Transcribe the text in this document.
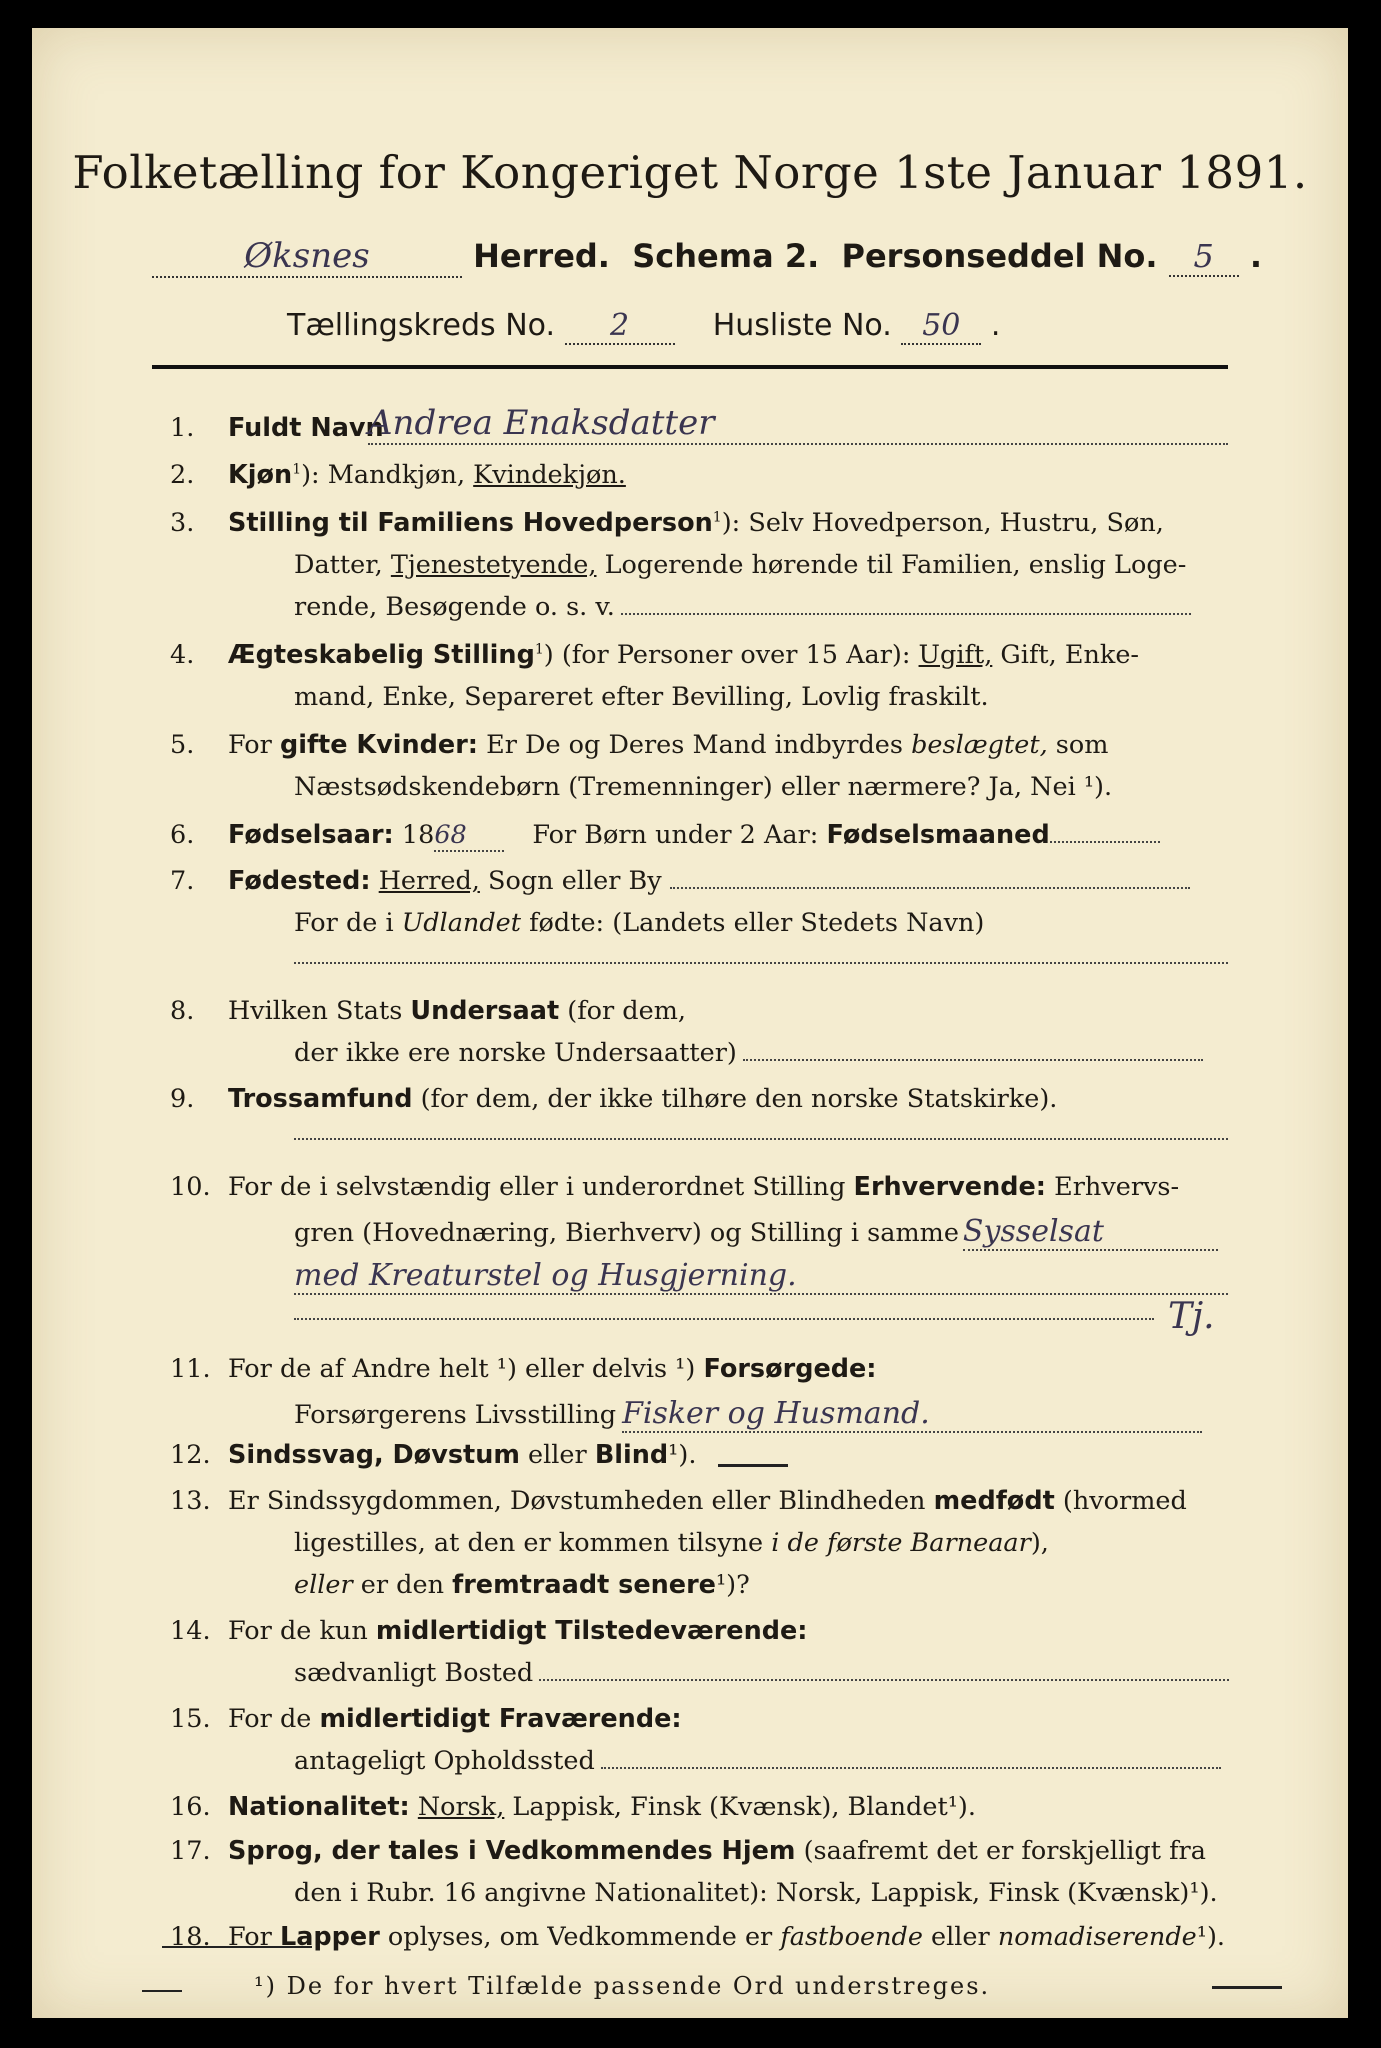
Folketælling for Kongeriget Norge 1ste Januar 1891.
Øksnes	Herred. Schema 2. Personseddel No. 5 .
Tællingskreds No. 2	Husliste No. 50 .
1.	Fuldt Navn
Andrea Enaksdatter
2.	Kjøn$^1$): Mandkjøn, Kvindekjøn.
3.	Stilling til Familiens Hovedperson$^1$): Selv Hovedperson, Hustru, Søn,
Datter, Tjenestetyende, Logerende hørende til Familien, enslig Loge-
rende, Besøgende o. s. v.
4.	Ægteskabelig Stilling$^1$) (for Personer over 15 Aar): Ugift, Gift, Enke-
mand, Enke, Separeret efter Bevilling, Lovlig fraskilt.
5.	For gifte Kvinder: Er De og Deres Mand indbyrdes beslægtet, som
Næstsødskendebørn (Tremenninger) eller nærmere? Ja, Nei ¹).
6.	Fødselsaar: 1868	For Børn under 2 Aar: Fødselsmaaned
7.	Fødested: Herred, Sogn eller By
For de i Udlandet fødte: (Landets eller Stedets Navn)
8.	Hvilken Stats Undersaat (for dem,
der ikke ere norske Undersaatter)
9.	Trossamfund (for dem, der ikke tilhøre den norske Statskirke).
10. For de i selvstændig eller i underordnet Stilling Erhvervende: Erhvervs-
gren (Hovednæring, Bierhverv) og Stilling i samme Sysselsat
med Kreaturstel og Husgjerning.
Tj.
11. For de af Andre helt ¹) eller delvis ¹) Forsørgede:
Forsørgerens Livsstilling Fisker og Husmand.
12. Sindssvag, Døvstum eller Blind¹).
13. Er Sindssygdommen, Døvstumheden eller Blindheden medfødt (hvormed
ligestilles, at den er kommen tilsyne i de første Barneaar),
eller er den fremtraadt senere¹)?
14. For de kun midlertidigt Tilstedeværende:
sædvanligt Bosted
15. For de midlertidigt Fraværende:
antageligt Opholdssted
16. Nationalitet: Norsk, Lappisk, Finsk (Kvænsk), Blandet¹).
17. Sprog, der tales i Vedkommendes Hjem (saafremt det er forskjelligt fra
den i Rubr. 16 angivne Nationalitet): Norsk, Lappisk, Finsk (Kvænsk)¹).
18. For Lapper oplyses, om Vedkommende er fastboende eller nomadiserende¹).
¹) De for hvert Tilfælde passende Ord understreges.
